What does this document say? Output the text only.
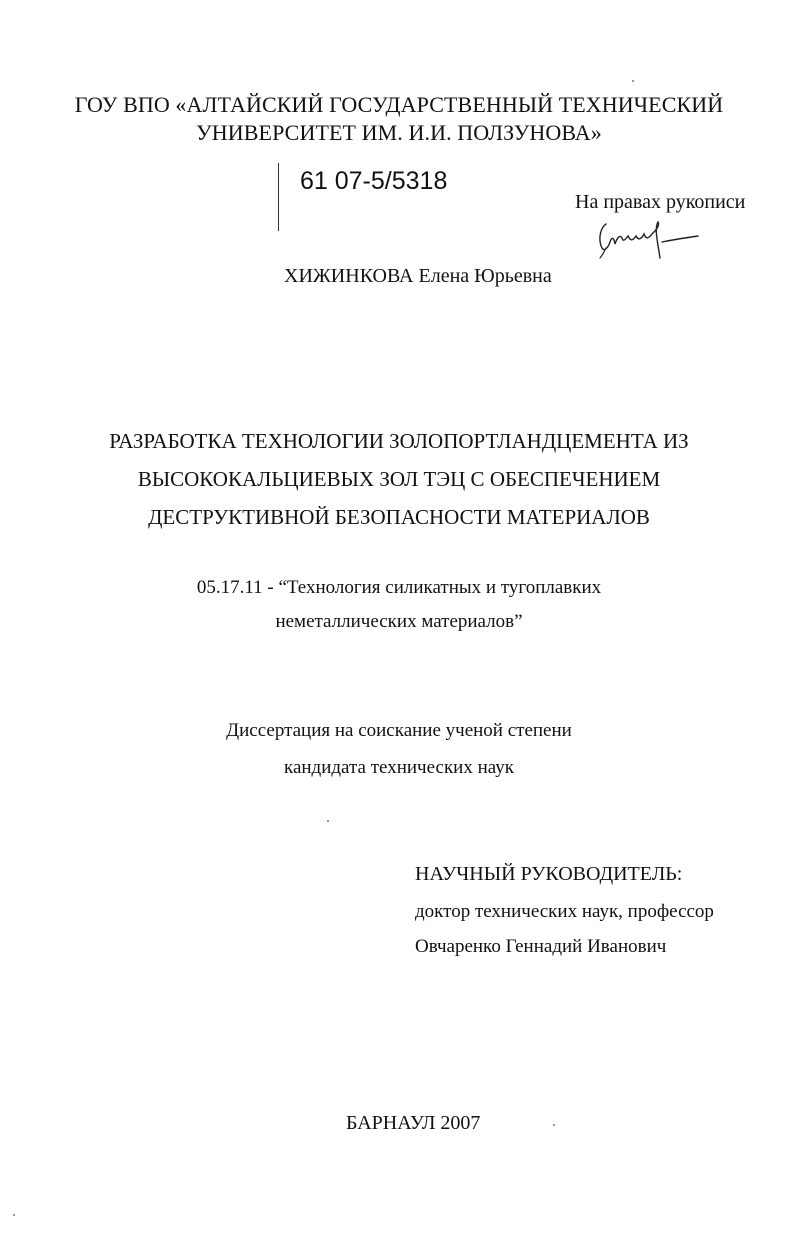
ГОУ ВПО «АЛТАЙСКИЙ ГОСУДАРСТВЕННЫЙ ТЕХНИЧЕСКИЙ
УНИВЕРСИТЕТ ИМ. И.И. ПОЛЗУНОВА»
61 07-5/5318
На правах рукописи
ХИЖИНКОВА Елена Юрьевна
РАЗРАБОТКА ТЕХНОЛОГИИ ЗОЛОПОРТЛАНДЦЕМЕНТА ИЗ
ВЫСОКОКАЛЬЦИЕВЫХ ЗОЛ ТЭЦ С ОБЕСПЕЧЕНИЕМ
ДЕСТРУКТИВНОЙ БЕЗОПАСНОСТИ МАТЕРИАЛОВ
05.17.11 - “Технология силикатных и тугоплавких
неметаллических материалов”
Диссертация на соискание ученой степени
кандидата технических наук
НАУЧНЫЙ РУКОВОДИТЕЛЬ:
доктор технических наук, профессор
Овчаренко Геннадий Иванович
БАРНАУЛ 2007
